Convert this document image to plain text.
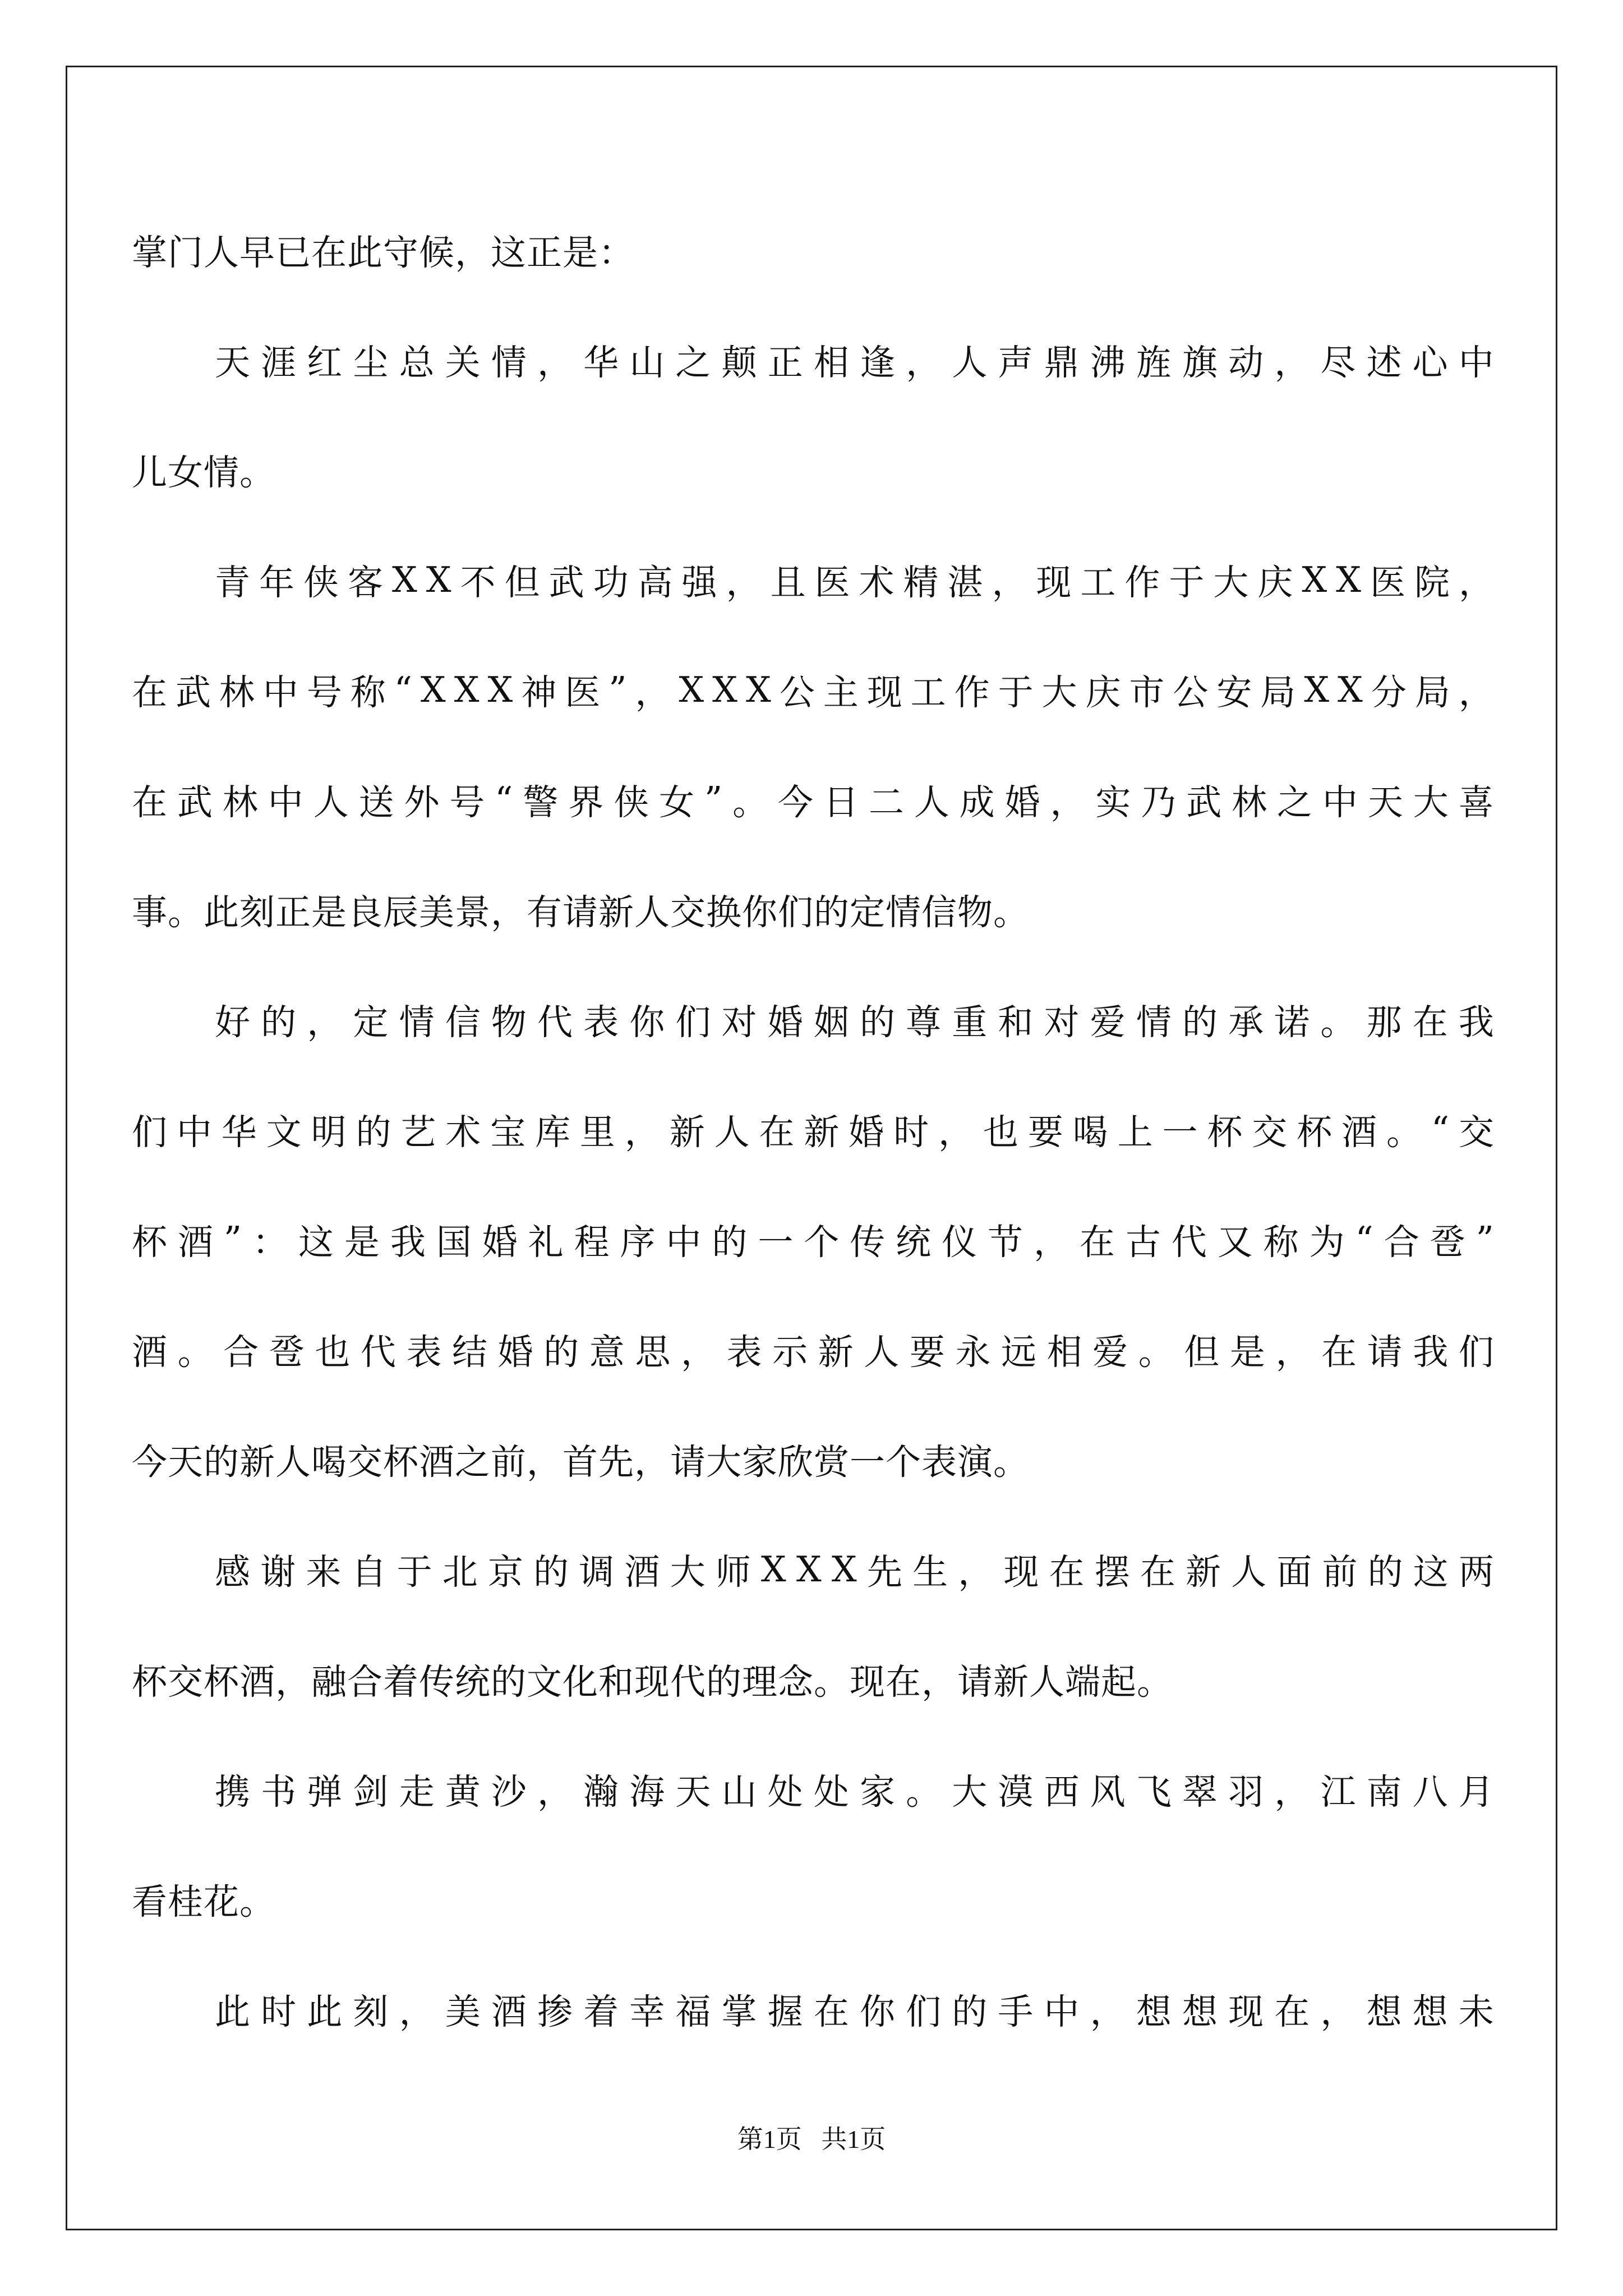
掌门人早已在此守候，这正是：
天 涯 红 尘 总 关 情 ， 华 山 之 颠 正 相 逢 ， 人 声 鼎 沸 旌 旗 动 ， 尽 述 心 中
儿女情。
青 年 侠 客 X X 不 但 武 功 高 强 ， 且 医 术 精 湛 ， 现 工 作 于 大 庆 X X 医 院 ，
在 武 林 中 号 称 “ X X X 神 医 ” ， X X X 公 主 现 工 作 于 大 庆 市 公 安 局 X X 分 局 ，
在 武 林 中 人 送 外 号 “ 警 界 侠 女 ” 。 今 日 二 人 成 婚 ， 实 乃 武 林 之 中 天 大 喜
事。此刻正是良辰美景，有请新人交换你们的定情信物。
好 的 ， 定 情 信 物 代 表 你 们 对 婚 姻 的 尊 重 和 对 爱 情 的 承 诺 。 那 在 我
们 中 华 文 明 的 艺 术 宝 库 里 ， 新 人 在 新 婚 时 ， 也 要 喝 上 一 杯 交 杯 酒 。 “ 交
杯 酒 ” ： 这 是 我 国 婚 礼 程 序 中 的 一 个 传 统 仪 节 ， 在 古 代 又 称 为 “ 合 卺 ”
酒 。 合 卺 也 代 表 结 婚 的 意 思 ， 表 示 新 人 要 永 远 相 爱 。 但 是 ， 在 请 我 们
今天的新人喝交杯酒之前，首先，请大家欣赏一个表演。
感 谢 来 自 于 北 京 的 调 酒 大 师 X X X 先 生 ， 现 在 摆 在 新 人 面 前 的 这 两
杯交杯酒，融合着传统的文化和现代的理念。现在，请新人端起。
携 书 弹 剑 走 黄 沙 ， 瀚 海 天 山 处 处 家 。 大 漠 西 风 飞 翠 羽 ， 江 南 八 月
看桂花。
此 时 此 刻 ， 美 酒 掺 着 幸 福 掌 握 在 你 们 的 手 中 ， 想 想 现 在 ， 想 想 未
第1页   共1页
